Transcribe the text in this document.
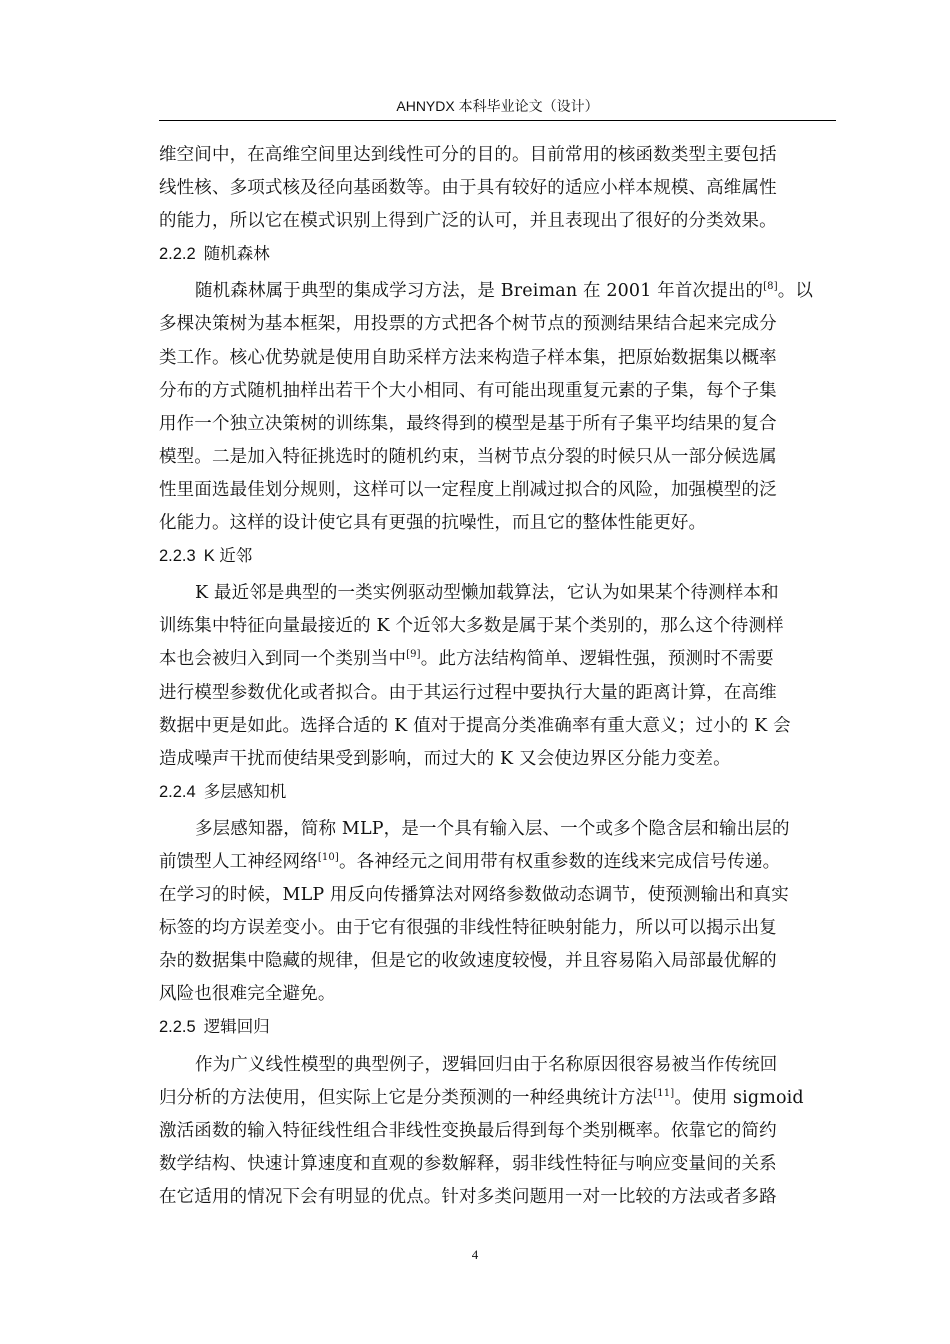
AHNYDX 本科毕业论文（设计）
维空间中，在高维空间里达到线性可分的目的。目前常用的核函数类型主要包括
线性核、多项式核及径向基函数等。由于具有较好的适应小样本规模、高维属性
的能力，所以它在模式识别上得到广泛的认可，并且表现出了很好的分类效果。
2.2.2 随机森林
随机森林属于典型的集成学习方法，是 Breiman 在 2001 年首次提出的[8]。以
多棵决策树为基本框架，用投票的方式把各个树节点的预测结果结合起来完成分
类工作。核心优势就是使用自助采样方法来构造子样本集，把原始数据集以概率
分布的方式随机抽样出若干个大小相同、有可能出现重复元素的子集，每个子集
用作一个独立决策树的训练集，最终得到的模型是基于所有子集平均结果的复合
模型。二是加入特征挑选时的随机约束，当树节点分裂的时候只从一部分候选属
性里面选最佳划分规则，这样可以一定程度上削减过拟合的风险，加强模型的泛
化能力。这样的设计使它具有更强的抗噪性，而且它的整体性能更好。
2.2.3 K 近邻
K 最近邻是典型的一类实例驱动型懒加载算法，它认为如果某个待测样本和
训练集中特征向量最接近的 K 个近邻大多数是属于某个类别的，那么这个待测样
本也会被归入到同一个类别当中[9]。此方法结构简单、逻辑性强，预测时不需要
进行模型参数优化或者拟合。由于其运行过程中要执行大量的距离计算，在高维
数据中更是如此。选择合适的 K 值对于提高分类准确率有重大意义；过小的 K 会
造成噪声干扰而使结果受到影响，而过大的 K 又会使边界区分能力变差。
2.2.4 多层感知机
多层感知器，简称 MLP，是一个具有输入层、一个或多个隐含层和输出层的
前馈型人工神经网络[10]。各神经元之间用带有权重参数的连线来完成信号传递。
在学习的时候，MLP 用反向传播算法对网络参数做动态调节，使预测输出和真实
标签的均方误差变小。由于它有很强的非线性特征映射能力，所以可以揭示出复
杂的数据集中隐藏的规律，但是它的收敛速度较慢，并且容易陷入局部最优解的
风险也很难完全避免。
2.2.5 逻辑回归
作为广义线性模型的典型例子，逻辑回归由于名称原因很容易被当作传统回
归分析的方法使用，但实际上它是分类预测的一种经典统计方法[11]。使用 sigmoid
激活函数的输入特征线性组合非线性变换最后得到每个类别概率。依靠它的简约
数学结构、快速计算速度和直观的参数解释，弱非线性特征与响应变量间的关系
在它适用的情况下会有明显的优点。针对多类问题用一对一比较的方法或者多路
4
